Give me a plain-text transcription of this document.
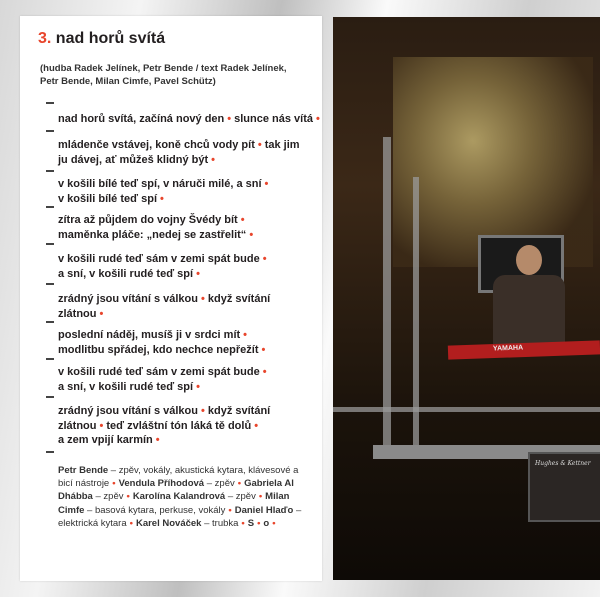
3. nad horů svítá
(hudba Radek Jelínek, Petr Bende / text Radek Jelínek, Petr Bende, Milan Cimfe, Pavel Schütz)
nad horů svítá, začíná nový den • slunce nás vítá •
mládenče vstávej, koně chců vody pít • tak jim
ju dávej, ať můžeš klidný být •
v košili bílé teď spí, v náruči milé, a sní •
v košili bílé teď spí •
zítra až půjdem do vojny Švédy bít •
maměnka pláče: „nedej se zastřelit“ •
v košili rudé teď sám v zemi spát bude •
a sní, v košili rudé teď spí •
zrádný jsou vítání s válkou • když svítání
zlátnou •
poslední náděj, musíš ji v srdci mít •
modlitbu spřádej, kdo nechce nepřežít •
v košili rudé teď sám v zemi spát bude •
a sní, v košili rudé teď spí •
zrádný jsou vítání s válkou • když svítání
zlátnou • teď zvláštní tón láká tě dolů •
a zem vpijí karmín •
Petr Bende – zpěv, vokály, akustická kytara, klávesové a bicí nástroje • Vendula Příhodová – zpěv • Gabriela Al Dhábba – zpěv • Karolína Kalandrová – zpěv • Milan Cimfe – basová kytara, perkuse, vokály • Daniel Hlaďo – elektrická kytara • Karel Nováček – trubka • S • o •
YAMAHA
Hughes & Kettner
